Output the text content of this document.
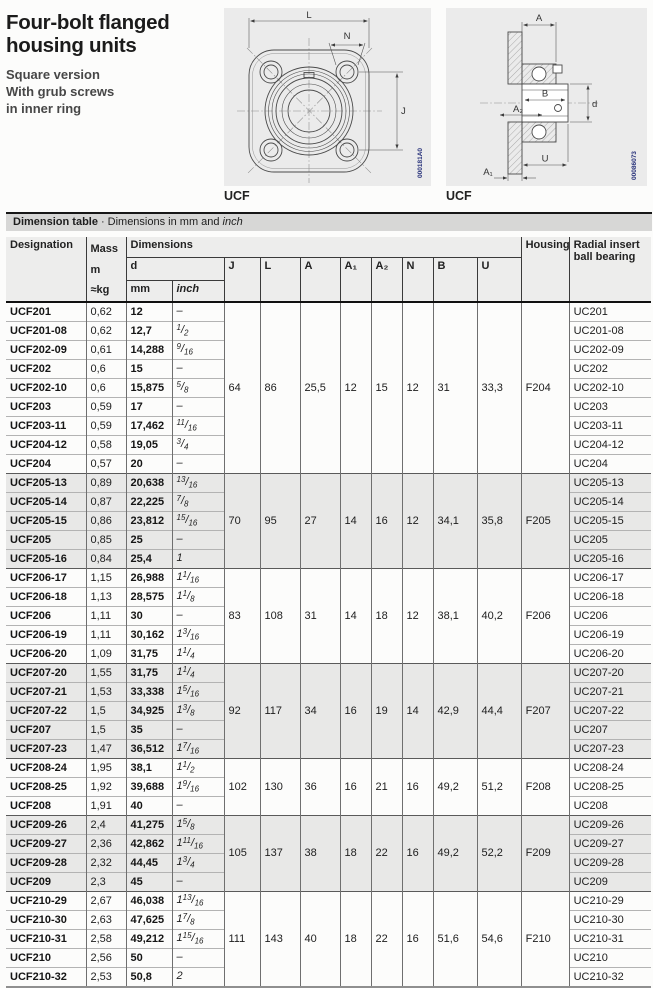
Four-bolt flanged
housing units

Square version
With grub screws
in inner ring

L
N
J
000181A0
UCF
A
B
A₂	d
U
A₁	00086073
UCF
Dimension table · Dimensions in mm and inch
Designation	Mass
m
≈kg
	Dimensions	Housing	Radial insert
ball bearing
		d		J	L	A	A₁	A₂	N	B	U		
		mm	inch										
UCF201	0,62	12	–	64	86	25,5	12	15	12	31	33,3	F204	UC201
UCF201-08	0,62	12,7	$^1/_2$										UC201-08
UCF202-09	0,61	14,288	$^9/_{16}$										UC202-09
UCF202	0,6	15	–										UC202
UCF202-10	0,6	15,875	$^5/_8$										UC202-10
UCF203	0,59	17	–										UC203
UCF203-11	0,59	17,462	$^{11}/_{16}$										UC203-11
UCF204-12	0,58	19,05	$^3/_4$										UC204-12
UCF204	0,57	20	–										UC204
UCF205-13	0,89	20,638	$^{13}/_{16}$	70	95	27	14	16	12	34,1	35,8	F205	UC205-13
UCF205-14	0,87	22,225	$^7/_8$										UC205-14
UCF205-15	0,86	23,812	$^{15}/_{16}$										UC205-15
UCF205	0,85	25	–										UC205
UCF205-16	0,84	25,4	1										UC205-16
UCF206-17	1,15	26,988	$1^1/_{16}$	83	108	31	14	18	12	38,1	40,2	F206	UC206-17
UCF206-18	1,13	28,575	$1^1/_8$										UC206-18
UCF206	1,11	30	–										UC206
UCF206-19	1,11	30,162	$1^3/_{16}$										UC206-19
UCF206-20	1,09	31,75	$1^1/_4$										UC206-20
UCF207-20	1,55	31,75	$1^1/_4$	92	117	34	16	19	14	42,9	44,4	F207	UC207-20
UCF207-21	1,53	33,338	$1^5/_{16}$										UC207-21
UCF207-22	1,5	34,925	$1^3/_8$										UC207-22
UCF207	1,5	35	–										UC207
UCF207-23	1,47	36,512	$1^7/_{16}$										UC207-23
UCF208-24	1,95	38,1	$1^1/_2$	102	130	36	16	21	16	49,2	51,2	F208	UC208-24
UCF208-25	1,92	39,688	$1^9/_{16}$										UC208-25
UCF208	1,91	40	–										UC208
UCF209-26	2,4	41,275	$1^5/_8$	105	137	38	18	22	16	49,2	52,2	F209	UC209-26
UCF209-27	2,36	42,862	$1^{11}/_{16}$										UC209-27
UCF209-28	2,32	44,45	$1^3/_4$										UC209-28
UCF209	2,3	45	–										UC209
UCF210-29	2,67	46,038	$1^{13}/_{16}$	111	143	40	18	22	16	51,6	54,6	F210	UC210-29
UCF210-30	2,63	47,625	$1^7/_8$										UC210-30
UCF210-31	2,58	49,212	$1^{15}/_{16}$										UC210-31
UCF210	2,56	50	–										UC210
UCF210-32	2,53	50,8	2										UC210-32
